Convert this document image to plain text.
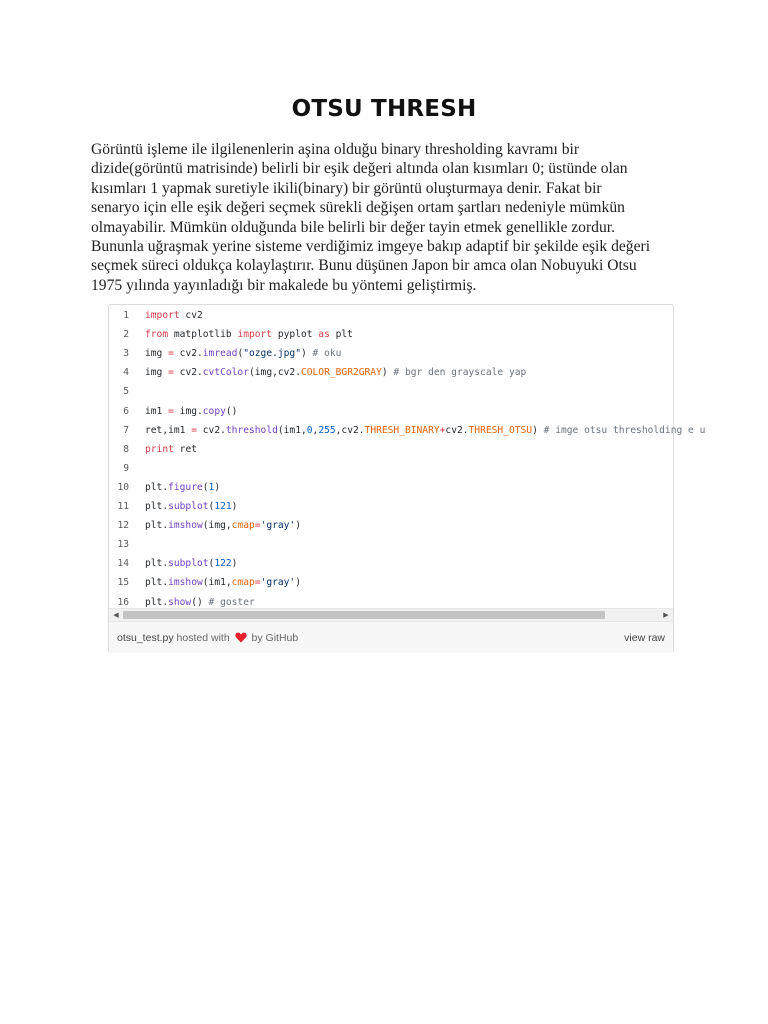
OTSU THRESH
Görüntü işleme ile ilgilenenlerin aşina olduğu binary thresholding kavramı bir
dizide(görüntü matrisinde) belirli bir eşik değeri altında olan kısımları 0; üstünde olan
kısımları 1 yapmak suretiyle ikili(binary) bir görüntü oluşturmaya denir. Fakat bir
senaryo için elle eşik değeri seçmek sürekli değişen ortam şartları nedeniyle mümkün
olmayabilir. Mümkün olduğunda bile belirli bir değer tayin etmek genellikle zordur.
Bununla uğraşmak yerine sisteme verdiğimiz imgeye bakıp adaptif bir şekilde eşik değeri
seçmek süreci oldukça kolaylaştırır. Bunu düşünen Japon bir amca olan Nobuyuki Otsu
1975 yılında yayınladığı bir makalede bu yöntemi geliştirmiş.
1 import cv2
2 from matplotlib import pyplot as plt
3 img = cv2.imread("ozge.jpg") # oku
4 img = cv2.cvtColor(img,cv2.COLOR_BGR2GRAY) # bgr den grayscale yap
5
6 im1 = img.copy()
7 ret,im1 = cv2.threshold(im1,0,255,cv2.THRESH_BINARY+cv2.THRESH_OTSU) # imge otsu thresholding e u
8 print ret
9
10 plt.figure(1)
11 plt.subplot(121)
12 plt.imshow(img,cmap='gray')
13
14 plt.subplot(122)
15 plt.imshow(im1,cmap='gray')
16 plt.show() # goster
◀	▶
otsu_test.py hosted with by GitHub	view raw
